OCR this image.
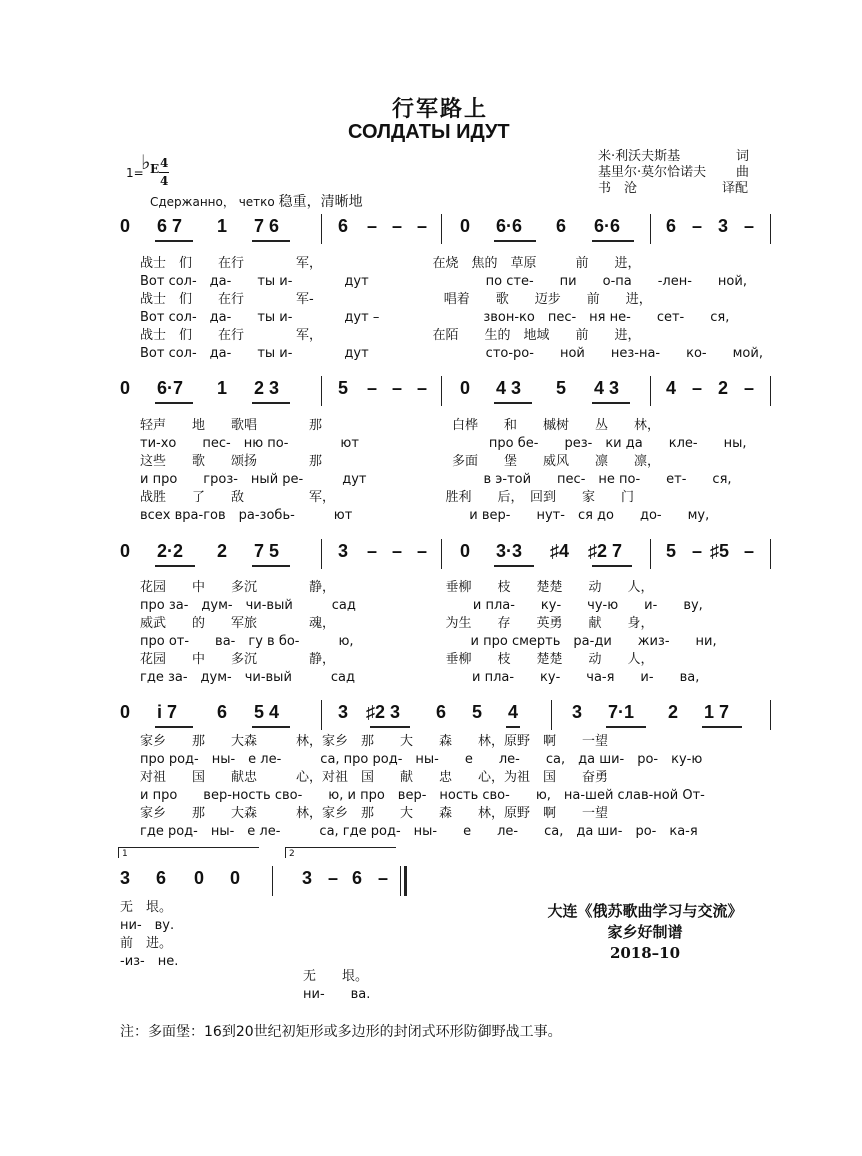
行军路上
СОЛДАТЫ ИДУТ
米·利沃夫斯基	词
基里尔·莫尔恰诺夫 曲
书　沧	译配
1=
♭ E 4
4
Сдержанно， четко 稳重，清晰地
0 6 7 1 7 6	6 – – – 0 6·6 6 6·6	6 – 3 –
战士　们　　在行　　　　军，　　　　　　　　　在烧　焦的　草原　　　前　　进，
Вот сол-　да-　　ты и-　　　　дут　　　　　　　　　по сте-　　пи　　о-па　　-лен-　　ной,
战士　们　　在行　　　　军-　　　　　　　　　　唱着　　歌　　迈步　　前　　进，
Вот сол-　да-　　ты и-　　　　дут –　　　　　　　　звон-ко　пес-　ня не-　　сет-　　ся,
战士　们　　在行　　　　军，　　　　　　　　　在陌　　生的　地域　　前　　进，
Вот сол-　да-　　ты и-　　　　дут　　　　　　　　　сто-ро-　　ной　　нез-на-　　ко-　　мой,
0 6·7 1 2 3	5 – – – 0 4 3 5 4 3	4 – 2 –
轻声　　地　　歌唱　　　　那　　　　　　　　　　白桦　　和　　槭树　　丛　　林，
ти-хо　　пес-　ню по-　　　　ют　　　　　　　　　　про бе-　　рез-　ки да　　кле-　　ны,
这些　　歌　　颂扬　　　　那　　　　　　　　　　多面　　堡　　威风　　凛　　凛，
и про　　гроз-　ный ре-　　　дут　　　　　　　　　в э-той　　пес-　не по-　　ет-　　ся,
战胜　　了　　敌　　　　　军，　　　　　　　　　胜利　　后，　回到　　家　　门
всех вра-гов　ра-зобь-　　　ют　　　　　　　　　и вер-　　нут-　ся до　　до-　　му,
0 2·2 2 7 5	3 – – – 0 3·3 ♯4 ♯2 7 5 – ♯5 –
花园　　中　　多沉　　　　静，　　　　　　　　　垂柳　　枝　　楚楚　　动　　人，
про за-　дум-　чи-вый　　　сад　　　　　　　　　и пла-　　ку-　　чу-ю　　и-　　ву,
威武　　的　　军旅　　　　魂，　　　　　　　　　为生　　存　　英勇　　献　　身，
про от-　　ва-　гу в бо-　　　ю,　　　　　　　　　и про смерть　ра-ди　　жиз-　　ни,
花园　　中　　多沉　　　　静，　　　　　　　　　垂柳　　枝　　楚楚　　动　　人，
где за-　дум-　чи-вый　　　сад　　　　　　　　　и пла-　　ку-　　ча-я　　и-　　ва,
0 i 7 6 5 4	3 ♯2 3 6 5 4	3 7·1 2 1 7
家乡　　那　　大森　　　林，家乡　那　　大　　森　　林，原野　啊　　一望
про род-　ны-　е ле-　　　са, про род-　ны-　　е　　ле-　　са,　да ши-　ро-　ку-ю
对祖　　国　　献忠　　　心，对祖　国　　献　　忠　　心，为祖　国　　奋勇
и про　　вер-ность сво-　　ю, и про　вер-　ность сво-　　ю,　на-шей слав-ной От-
家乡　　那　　大森　　　林，家乡　那　　大　　森　　林，原野　啊　　一望
где род-　ны-　е ле-　　　са, где род-　ны-　　е　　ле-　　са,　да ши-　ро-　ка-я
1	2
3 6 0 0	3 – 6 –
无　垠。
ни-　ву.
前　进。
-из-　не.
无　　垠。
ни-　　ва.
大连《俄苏歌曲学习与交流》
家乡好制谱
2018–10
注：多面堡：16到20世纪初矩形或多边形的封闭式环形防御野战工事。
